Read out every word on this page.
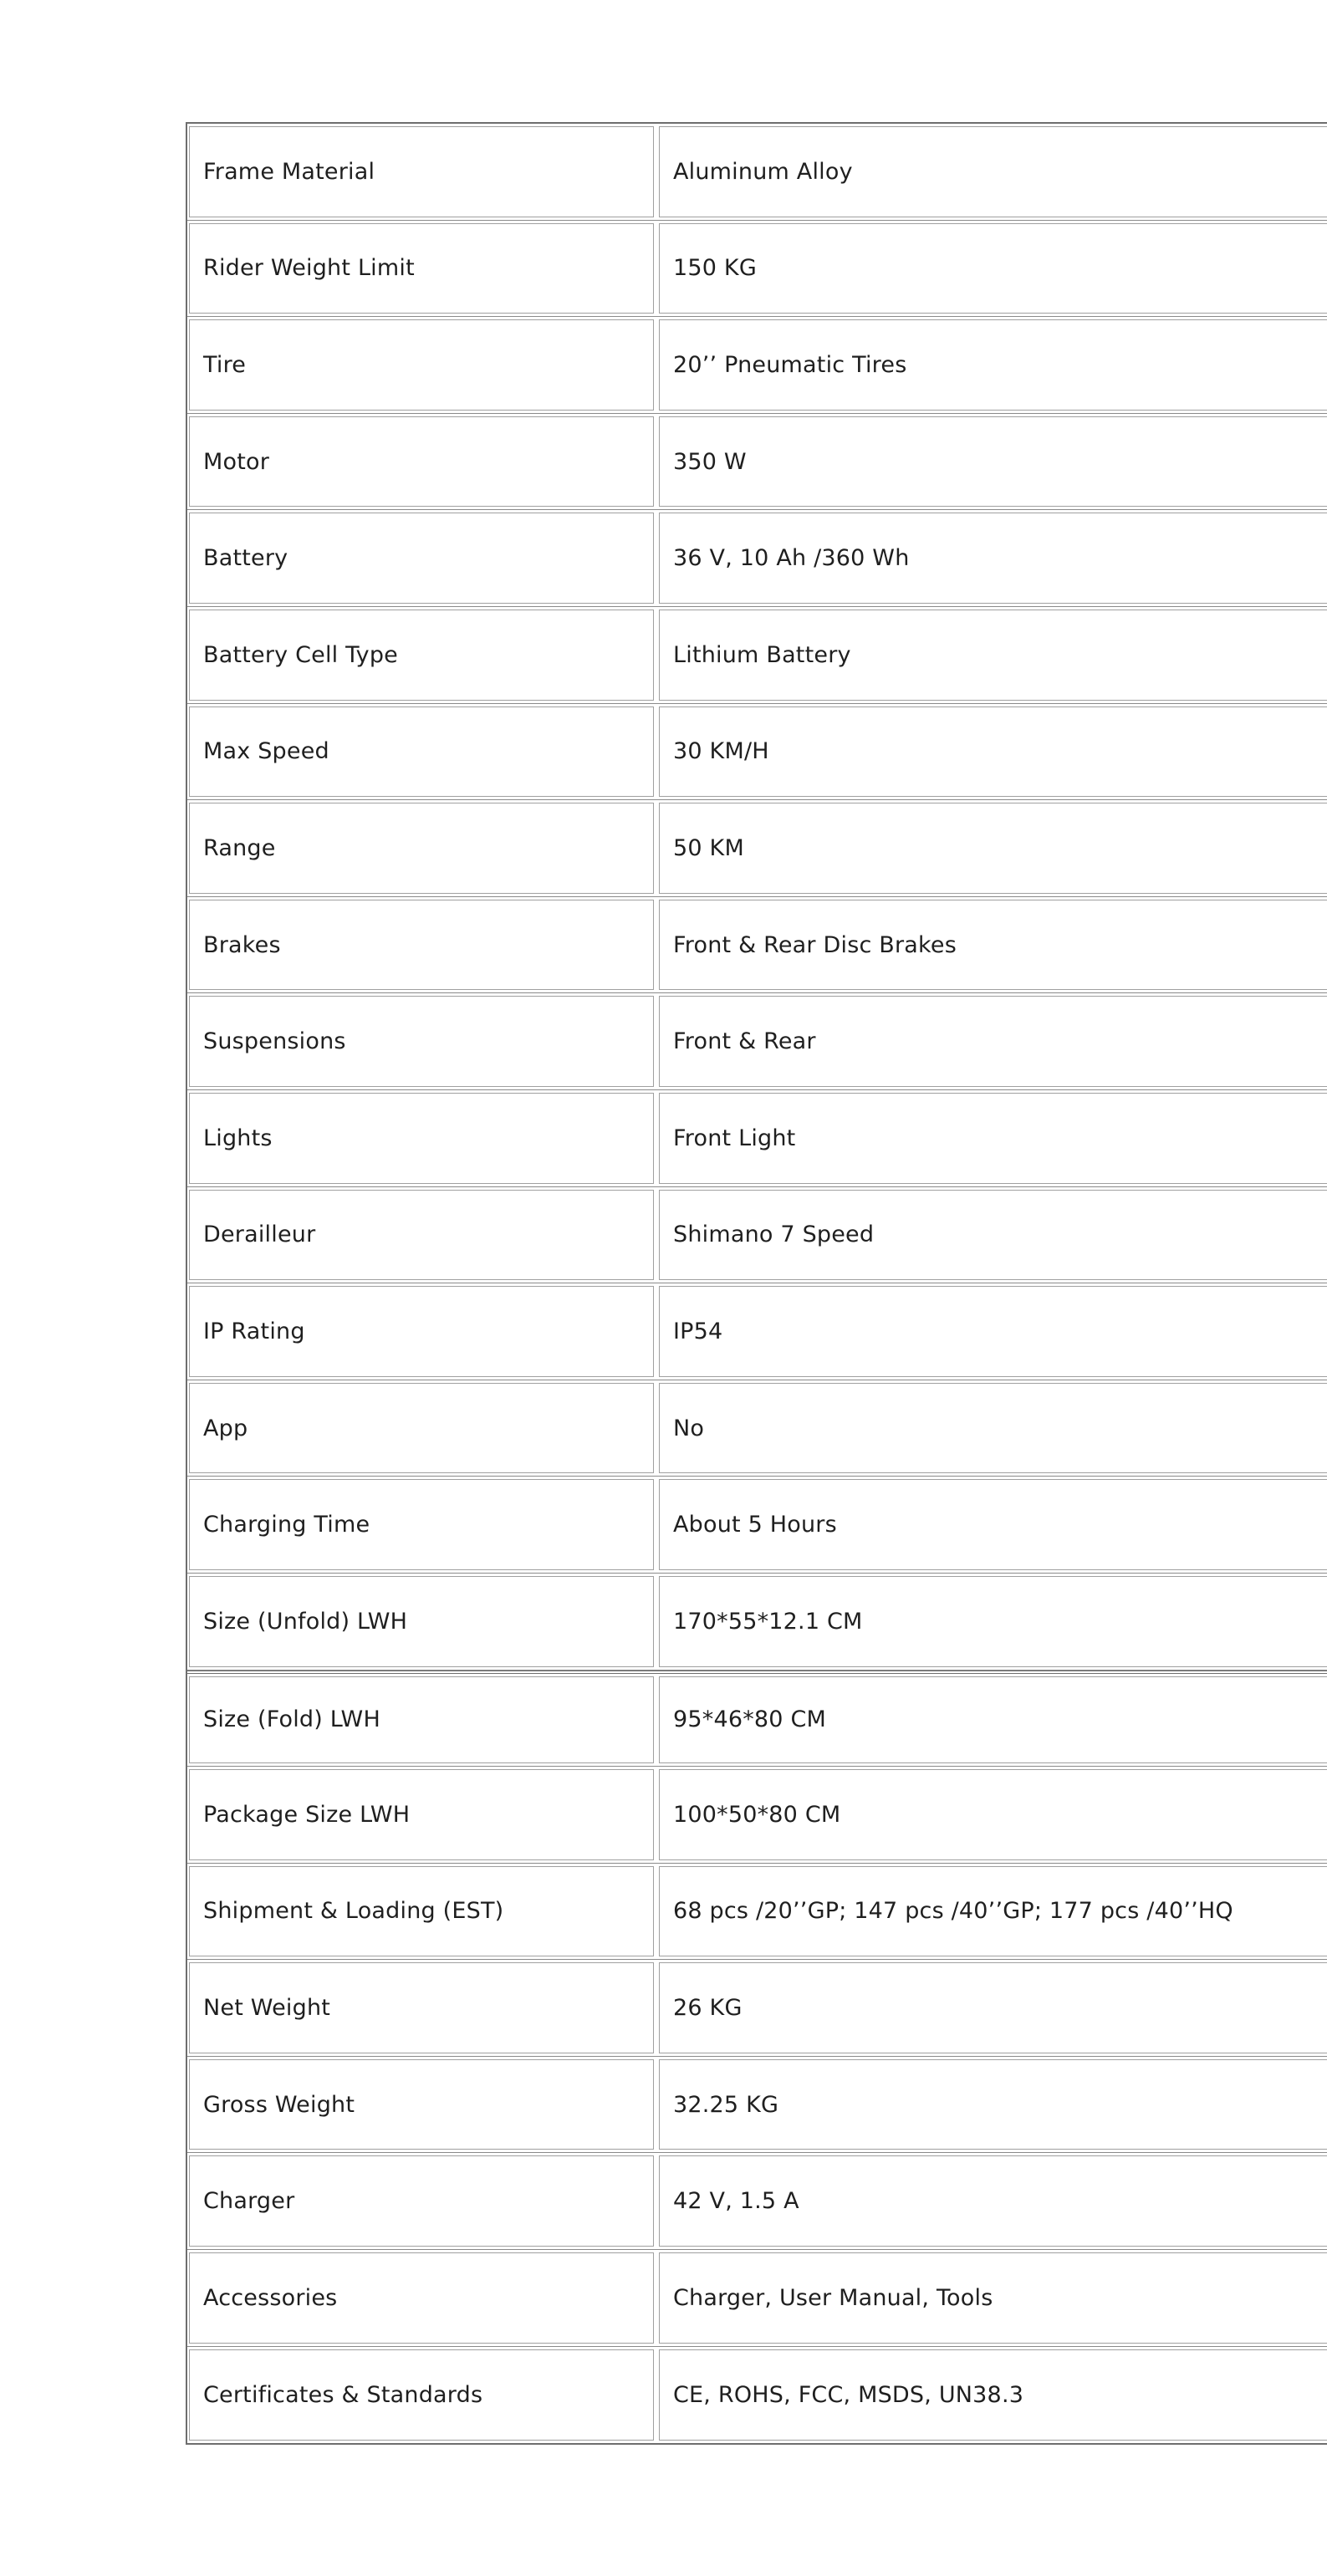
Frame Material	Aluminum Alloy
Rider Weight Limit	150 KG
Tire	20’’ Pneumatic Tires
Motor	350 W
Battery	36 V, 10 Ah /360 Wh
Battery Cell Type	Lithium Battery
Max Speed	30 KM/H
Range	50 KM
Brakes	Front & Rear Disc Brakes
Suspensions	Front & Rear
Lights	Front Light
Derailleur	Shimano 7 Speed
IP Rating	IP54
App	No
Charging Time	About 5 Hours
Size (Unfold) LWH	170*55*12.1 CM
Size (Fold) LWH	95*46*80 CM
Package Size LWH	100*50*80 CM
Shipment & Loading (EST)	68 pcs /20’’GP; 147 pcs /40’’GP; 177 pcs /40’’HQ
Net Weight	26 KG
Gross Weight	32.25 KG
Charger	42 V, 1.5 A
Accessories	Charger, User Manual, Tools
Certificates & Standards	CE, ROHS, FCC, MSDS, UN38.3
